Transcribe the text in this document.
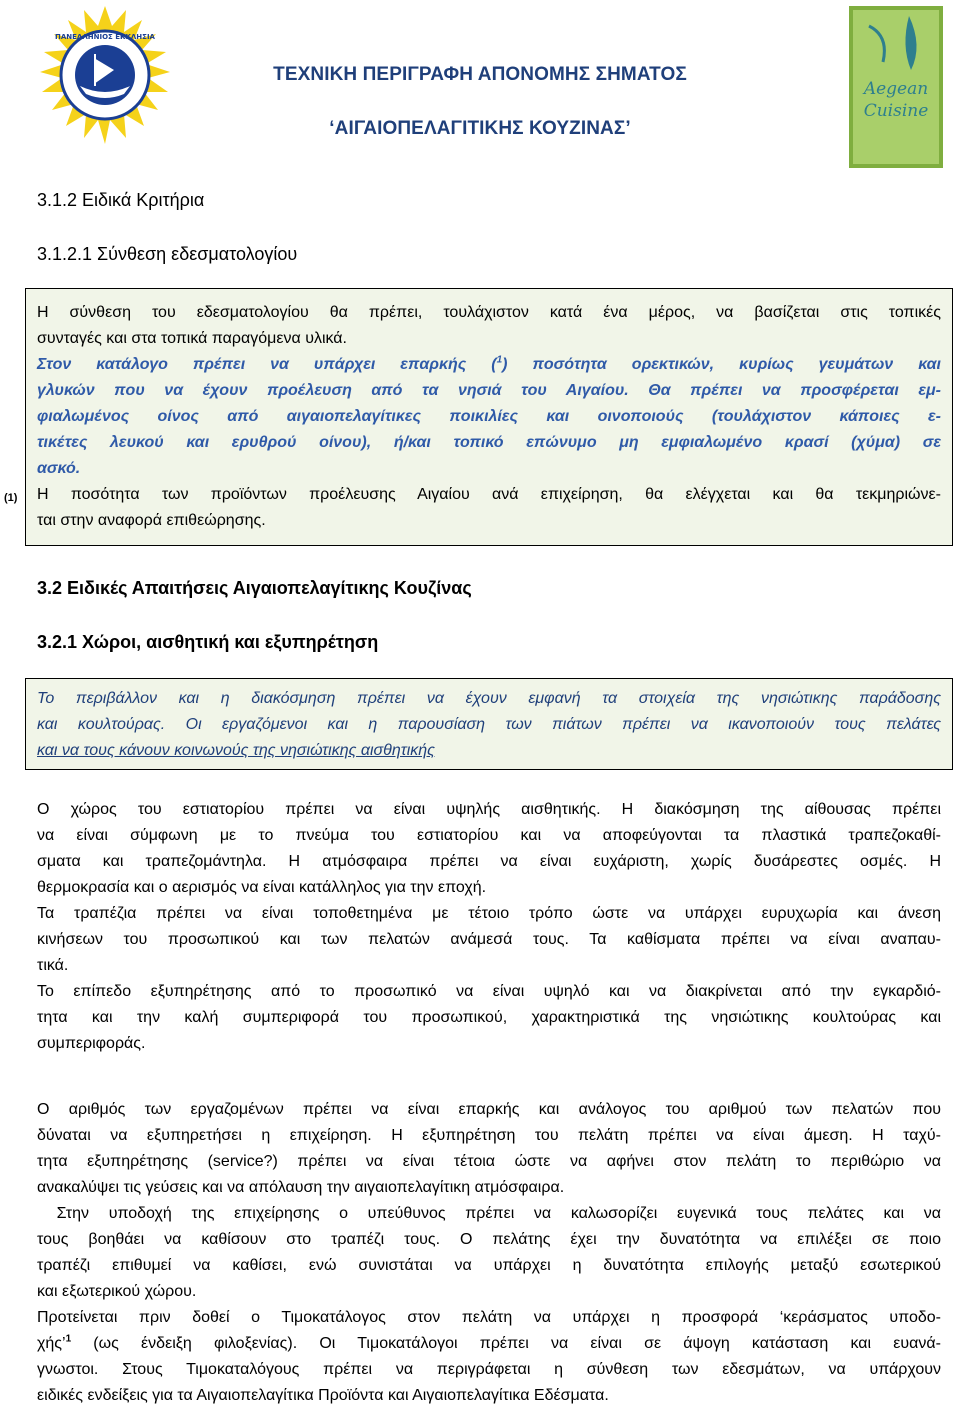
ΠΑΝΕΛΛΗΝΙΟΣ ΕΚΚΛΗΣΙΑ
ΤΕΧΝΙΚΗ ΠΕΡΙΓΡΑΦΗ ΑΠΟΝΟΜΗΣ ΣΗΜΑΤΟΣ
‘ΑΙΓΑΙΟΠΕΛΑΓΙΤΙΚΗΣ ΚΟΥΖΙΝΑΣ’
Aegean
Cuisine
3.1.2 Ειδικά Κριτήρια
3.1.2.1 Σύνθεση εδεσματολογίου
Η σύνθεση του εδεσματολογίου θα πρέπει, τουλάχιστον κατά ένα μέρος, να βασίζεται στις τοπικές
συνταγές και στα τοπικά παραγόμενα υλικά.
Στον κατάλογο πρέπει να υπάρχει επαρκής ($^1$) ποσότητα ορεκτικών, κυρίως γευμάτων και
γλυκών που να έχουν προέλευση από τα νησιά του Αιγαίου. Θα πρέπει να προσφέρεται εμ-
φιαλωμένος οίνος από αιγαιοπελαγίτικες ποικιλίες και οινοποιούς (τουλάχιστον κάποιες ε-
τικέτες λευκού και ερυθρού οίνου), ή/και τοπικό επώνυμο μη εμφιαλωμένο κρασί (χύμα) σε
ασκό.
Η ποσότητα των προϊόντων προέλευσης Αιγαίου ανά επιχείρηση, θα ελέγχεται και θα τεκμηριώνε-
ται στην αναφορά επιθεώρησης.
(1)
3.2 Ειδικές Απαιτήσεις Αιγαιοπελαγίτικης Κουζίνας
3.2.1 Χώροι, αισθητική και εξυπηρέτηση
Το περιβάλλον και η διακόσμηση πρέπει να έχουν εμφανή τα στοιχεία της νησιώτικης παράδοσης
και κουλτούρας. Οι εργαζόμενοι και η παρουσίαση των πιάτων πρέπει να ικανοποιούν τους πελάτες
και να τους κάνουν κοινωνούς της νησιώτικης αισθητικής
Ο χώρος του εστιατορίου πρέπει να είναι υψηλής αισθητικής. Η διακόσμηση της αίθουσας πρέπει
να είναι σύμφωνη με το πνεύμα του εστιατορίου και να αποφεύγονται τα πλαστικά τραπεζοκαθί-
σματα και τραπεζομάντηλα. Η ατμόσφαιρα πρέπει να είναι ευχάριστη, χωρίς δυσάρεστες οσμές. Η
θερμοκρασία και ο αερισμός να είναι κατάλληλος για την εποχή.
Τα τραπέζια πρέπει να είναι τοποθετημένα με τέτοιο τρόπο ώστε να υπάρχει ευρυχωρία και άνεση
κινήσεων του προσωπικού και των πελατών ανάμεσά τους. Τα καθίσματα πρέπει να είναι αναπαυ-
τικά.
Το επίπεδο εξυπηρέτησης από το προσωπικό να είναι υψηλό και να διακρίνεται από την εγκαρδιό-
τητα και την καλή συμπεριφορά του προσωπικού, χαρακτηριστικά της νησιώτικης κουλτούρας και
συμπεριφοράς.
Ο αριθμός των εργαζομένων πρέπει να είναι επαρκής και ανάλογος του αριθμού των πελατών που
δύναται να εξυπηρετήσει η επιχείρηση. Η εξυπηρέτηση του πελάτη πρέπει να είναι άμεση. Η ταχύ-
τητα εξυπηρέτησης (service?) πρέπει να είναι τέτοια ώστε να αφήνει στον πελάτη το περιθώριο να
ανακαλύψει τις γεύσεις και να απόλαυση την αιγαιοπελαγίτικη ατμόσφαιρα.
Στην υποδοχή της επιχείρησης ο υπεύθυνος πρέπει να καλωσορίζει ευγενικά τους πελάτες και να
τους βοηθάει να καθίσουν στο τραπέζι τους. Ο πελάτης έχει την δυνατότητα να επιλέξει σε ποιο
τραπέζι επιθυμεί να καθίσει, ενώ συνιστάται να υπάρχει η δυνατότητα επιλογής μεταξύ εσωτερικού
και εξωτερικού χώρου.
Προτείνεται πριν δοθεί ο Τιμοκατάλογος στον πελάτη να υπάρχει η προσφορά ‘κεράσματος υποδο-
χής’$^1$ (ως ένδειξη φιλοξενίας). Οι Τιμοκατάλογοι πρέπει να είναι σε άψογη κατάσταση και ευανά-
γνωστοι. Στους Τιμοκαταλόγους πρέπει να περιγράφεται η σύνθεση των εδεσμάτων, να υπάρχουν
ειδικές ενδείξεις για τα Αιγαιοπελαγίτικα Προϊόντα και Αιγαιοπελαγίτικα Εδέσματα.
